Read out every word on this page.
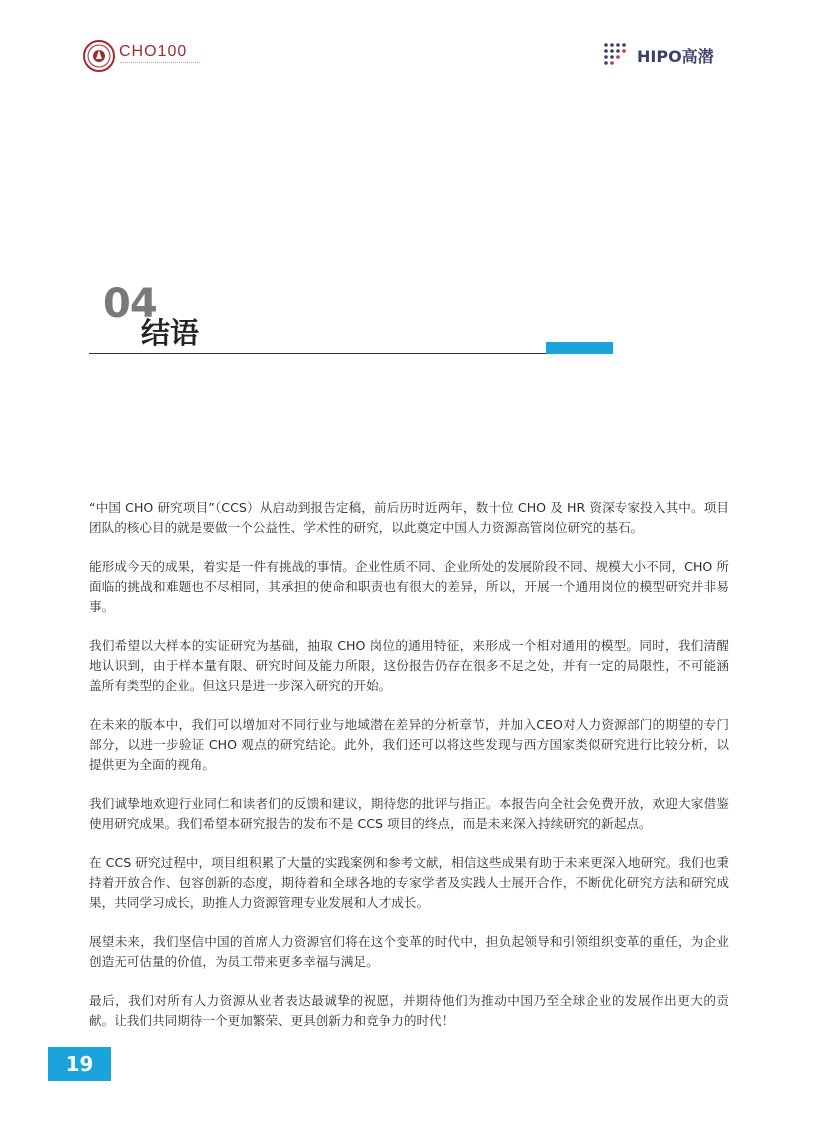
CHO100	HIPO高潜
04
结语

“中国 CHO 研究项目”（CCS）从启动到报告定稿，前后历时近两年，数十位 CHO 及 HR 资深专家投入其中。项目团队的核心目的就是要做一个公益性、学术性的研究，以此奠定中国人力资源高管岗位研究的基石。

能形成今天的成果，着实是一件有挑战的事情。企业性质不同、企业所处的发展阶段不同、规模大小不同，CHO 所面临的挑战和难题也不尽相同，其承担的使命和职责也有很大的差异，所以，开展一个通用岗位的模型研究并非易事。

我们希望以大样本的实证研究为基础，抽取 CHO 岗位的通用特征，来形成一个相对通用的模型。同时，我们清醒地认识到，由于样本量有限、研究时间及能力所限，这份报告仍存在很多不足之处，并有一定的局限性，不可能涵盖所有类型的企业。但这只是进一步深入研究的开始。

在未来的版本中，我们可以增加对不同行业与地域潜在差异的分析章节，并加入CEO对人力资源部门的期望的专门部分，以进一步验证 CHO 观点的研究结论。此外，我们还可以将这些发现与西方国家类似研究进行比较分析，以提供更为全面的视角。

我们诚挚地欢迎行业同仁和读者们的反馈和建议，期待您的批评与指正。本报告向全社会免费开放，欢迎大家借鉴使用研究成果。我们希望本研究报告的发布不是 CCS 项目的终点，而是未来深入持续研究的新起点。

在 CCS 研究过程中，项目组积累了大量的实践案例和参考文献，相信这些成果有助于未来更深入地研究。我们也秉持着开放合作、包容创新的态度，期待着和全球各地的专家学者及实践人士展开合作，不断优化研究方法和研究成果，共同学习成长，助推人力资源管理专业发展和人才成长。

展望未来，我们坚信中国的首席人力资源官们将在这个变革的时代中，担负起领导和引领组织变革的重任，为企业创造无可估量的价值，为员工带来更多幸福与满足。

最后，我们对所有人力资源从业者表达最诚挚的祝愿，并期待他们为推动中国乃至全球企业的发展作出更大的贡献。让我们共同期待一个更加繁荣、更具创新力和竞争力的时代！

19
